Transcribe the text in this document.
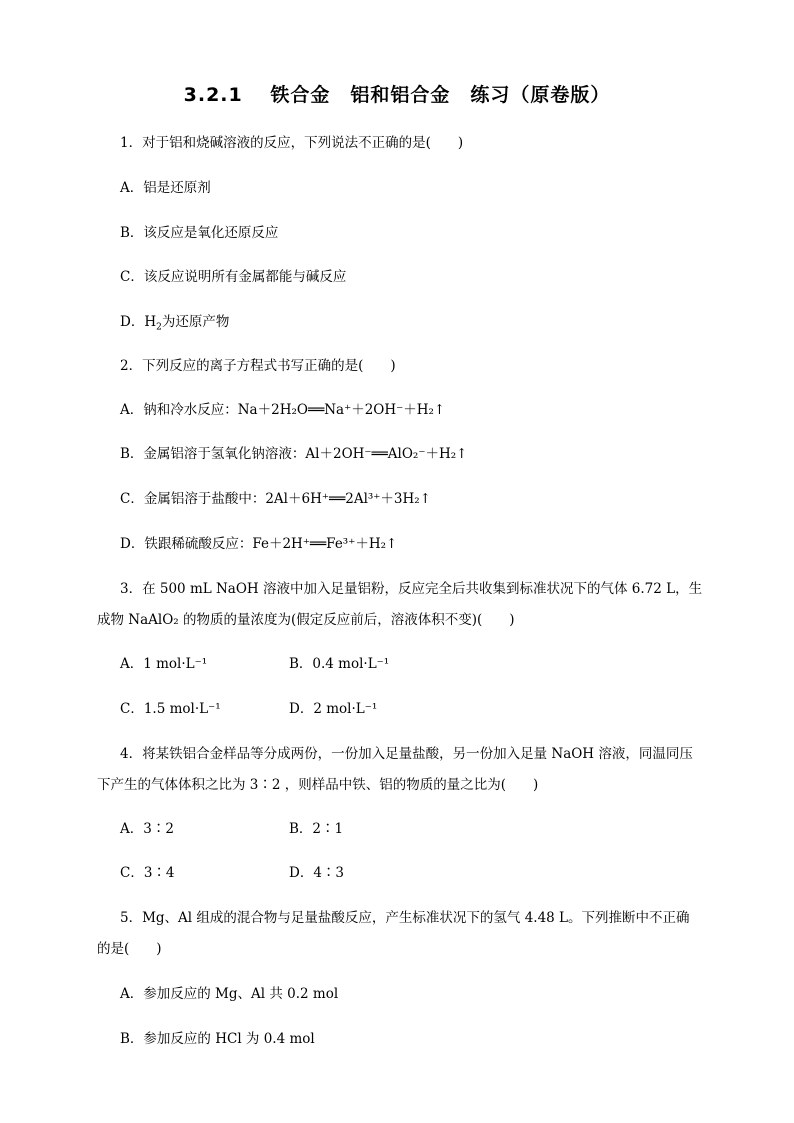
3.2.1　 铁合金　铝和铝合金　练习（原卷版）
1．对于铝和烧碱溶液的反应，下列说法不正确的是(　　)
A．铝是还原剂
B．该反应是氧化还原反应
C．该反应说明所有金属都能与碱反应
D．$H_2$为还原产物
2．下列反应的离子方程式书写正确的是(　　)
A．钠和冷水反应：Na＋2H₂O══Na⁺＋2OH⁻＋H₂↑
B．金属铝溶于氢氧化钠溶液：Al＋2OH⁻══AlO₂⁻＋H₂↑
C．金属铝溶于盐酸中：2Al＋6H⁺══2Al³⁺＋3H₂↑
D．铁跟稀硫酸反应：Fe＋2H⁺══Fe³⁺＋H₂↑
3．在 500 mL NaOH 溶液中加入足量铝粉，反应完全后共收集到标准状况下的气体 6.72 L，生
成物 NaAlO₂ 的物质的量浓度为(假定反应前后，溶液体积不变)(　　)
A．1 mol·L⁻¹	B．0.4 mol·L⁻¹
C．1.5 mol·L⁻¹	D．2 mol·L⁻¹
4．将某铁铝合金样品等分成两份，一份加入足量盐酸，另一份加入足量 NaOH 溶液，同温同压
下产生的气体体积之比为 3∶2 ，则样品中铁、铝的物质的量之比为(　　)
A．3∶2	B．2∶1
C．3∶4	D．4∶3
5．Mg、Al 组成的混合物与足量盐酸反应，产生标准状况下的氢气 4.48 L。下列推断中不正确
的是(　　)
A．参加反应的 Mg、Al 共 0.2 mol
B．参加反应的 HCl 为 0.4 mol
